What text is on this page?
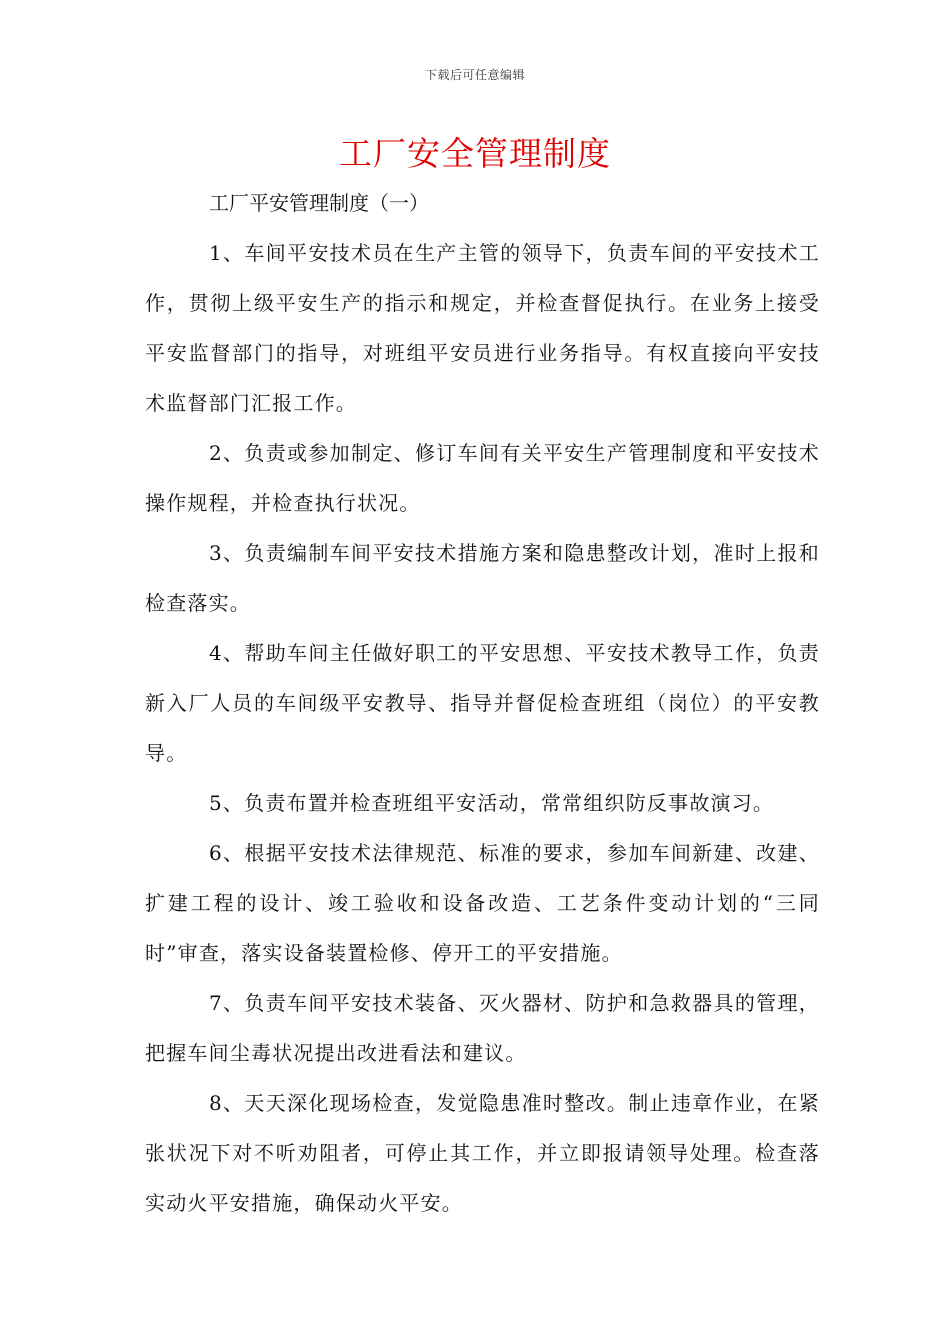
下载后可任意编辑
工厂安全管理制度

工厂平安管理制度（一）

1、车间平安技术员在生产主管的领导下，负责车间的平安技术工作，贯彻上级平安生产的指示和规定，并检查督促执行。在业务上接受平安监督部门的指导，对班组平安员进行业务指导。有权直接向平安技术监督部门汇报工作。

2、负责或参加制定、修订车间有关平安生产管理制度和平安技术操作规程，并检查执行状况。

3、负责编制车间平安技术措施方案和隐患整改计划，准时上报和检查落实。

4、帮助车间主任做好职工的平安思想、平安技术教导工作，负责新入厂人员的车间级平安教导、指导并督促检查班组（岗位）的平安教导。

5、负责布置并检查班组平安活动，常常组织防反事故演习。

6、根据平安技术法律规范、标准的要求，参加车间新建、改建、扩建工程的设计、竣工验收和设备改造、工艺条件变动计划的“三同时”审查，落实设备装置检修、停开工的平安措施。

7、负责车间平安技术装备、灭火器材、防护和急救器具的管理，把握车间尘毒状况提出改进看法和建议。

8、天天深化现场检查，发觉隐患准时整改。制止违章作业，在紧张状况下对不听劝阻者，可停止其工作，并立即报请领导处理。检查落实动火平安措施，确保动火平安。
